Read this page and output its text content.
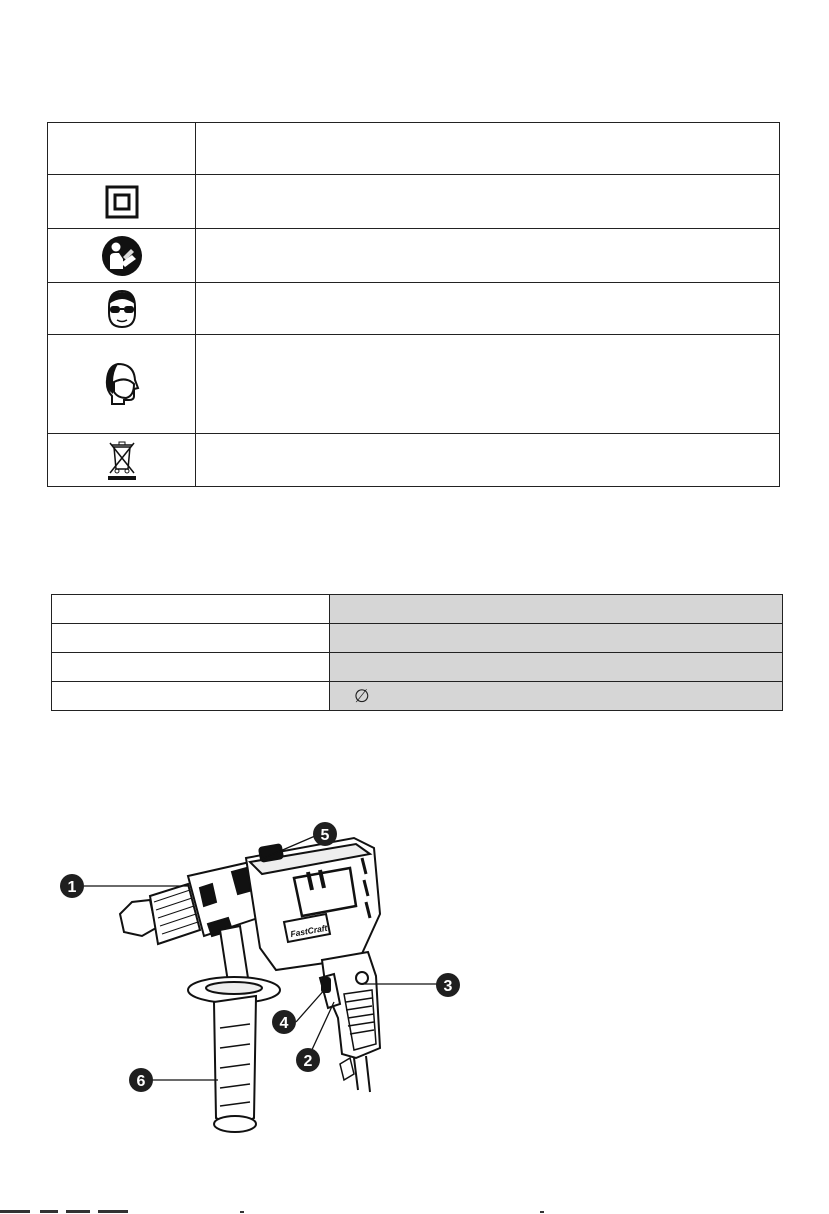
	∅
FastCraft
1
5
3
4
2
6
